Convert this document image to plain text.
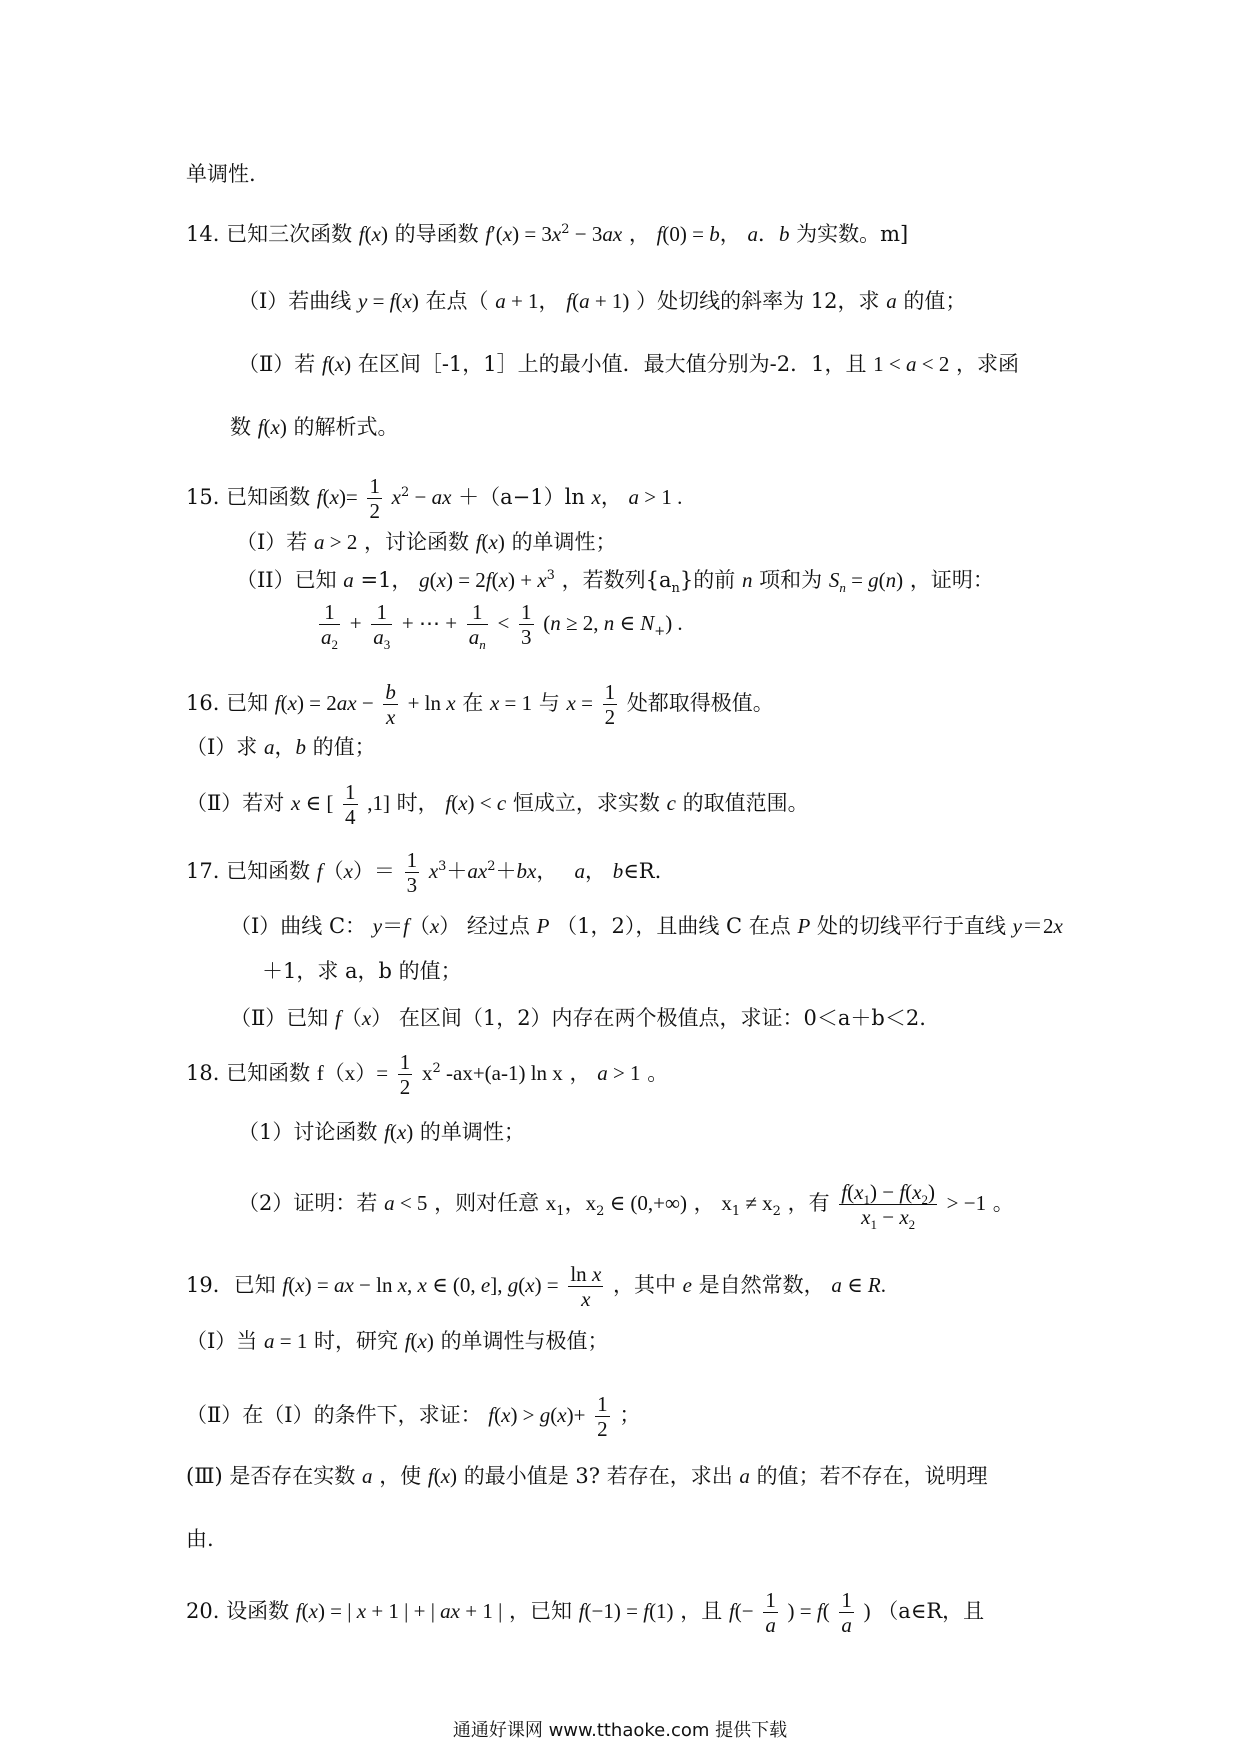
单调性.
14. 已知三次函数 f(x) 的导函数 $f'(x) = 3x^2 - 3ax$ ， f(0) = b， a．b 为实数。m]
（Ⅰ）若曲线 y = f(x) 在点（ a + 1， f(a + 1) ）处切线的斜率为 12，求 a 的值；
（Ⅱ）若 f(x) 在区间［-1，1］上的最小值．最大值分别为-2．1，且 1 < a < 2 ，求函
数 f(x) 的解析式。
15. 已知函数 $f(x)= \frac{1}{2} x^2$ − ax ＋（a−1）ln x， a > 1 .
（Ⅰ）若 a > 2 ，讨论函数 f(x) 的单调性；
（II）已知 a =1， $g(x) = 2f(x) + x^3$ ，若数列$\{a_n\}$的前 n 项和为 $S_n = g(n)$ ，证明：
$\frac{1}{a_2} + \frac{1}{a_3}$ + ⋯ + $\frac{1}{a_n} < \frac{1}{3} (n \ge 2$, n ∈ $N_+$) .
16. 已知 $f(x) = 2ax - \frac{b}{x} + \ln x$ 在 x = 1 与 $x = \frac{1}{2}$ 处都取得极值。
（Ⅰ）求 a，b 的值；
（Ⅱ）若对 x ∈ [ $\frac{1}{4} ,1$] 时， f(x) < c 恒成立，求实数 c 的取值范围。
17. 已知函数 $f(x)= \frac{1}{3} x^3+ax^2+bx$，   a， b∈R.
（Ⅰ）曲线 C： y＝f（x） 经过点 P （1，2），且曲线 C 在点 P 处的切线平行于直线 y＝2x
＋1，求 a，b 的值；
（Ⅱ）已知 f（x） 在区间（1，2）内存在两个极值点，求证：0＜a＋b＜2.
18. 已知函数 $f(x)= \frac{1}{2} x^2$ -ax+(a-1) ln x ， a > 1 。
（1）讨论函数 f(x) 的单调性；
（2）证明：若 a < 5 ，则对任意 $x_1$，$x_2$ ∈ (0,+∞) ， $x_1 \ne x_2$ ，有 $\frac{f(x_1) - f(x_2)}{x_1 - x_2} > -1$ 。
19．已知 f(x) = ax − ln x, x ∈ (0, e], $g(x) = \frac{\text{ln x}}{x}$ ，其中 e 是自然常数， a ∈ R.
（Ⅰ）当 a = 1 时，研究 f(x) 的单调性与极值；
（Ⅱ）在（Ⅰ）的条件下，求证： $f(x) > g(x)+ \frac{1}{2}$ ；
(Ⅲ) 是否存在实数 a ，使 f(x) 的最小值是 3? 若存在，求出 a 的值；若不存在，说明理
由.
20. 设函数 f(x) = | x + 1 | + | ax + 1 | ，已知 f(−1) = f(1) ，且 $f(- \frac{1}{a}$ ) = $f( \frac{1}{a}$ ) （a∈R，且
通通好课网 www.tthaoke.com 提供下载
